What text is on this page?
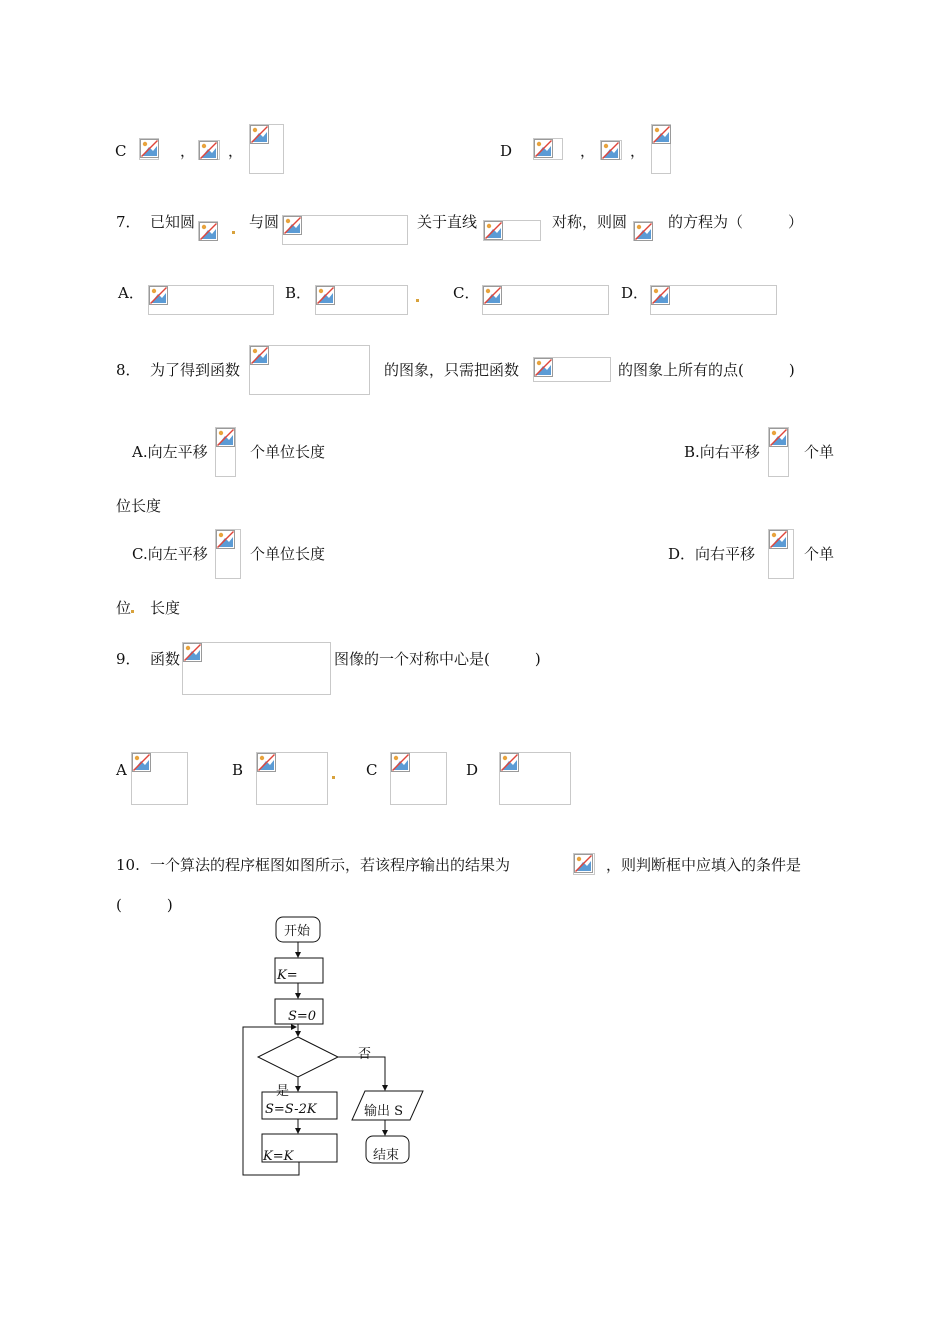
C	， ，	D	， ，
7． 已知圆	与圆	关于直线	对称，则圆	的方程为（　　　）
A．	B．	C．	D．
8． 为了得到函数	的图象，只需把函数	的图象上所有的点(　　　)
A.向左平移	个单位长度	B.向右平移	个单
位长度
C.向左平移	个单位长度	D．向右平移	个单
位 长度
9． 函数	图像的一个对称中心是(　　　)
A	B	C	D
10. 一个算法的程序框图如图所示，若该程序输出的结果为	，则判断框中应填入的条件是
(　　　)
开始
K=
S=0
否
是
S=S-2K
K=K
输出 S
结束
